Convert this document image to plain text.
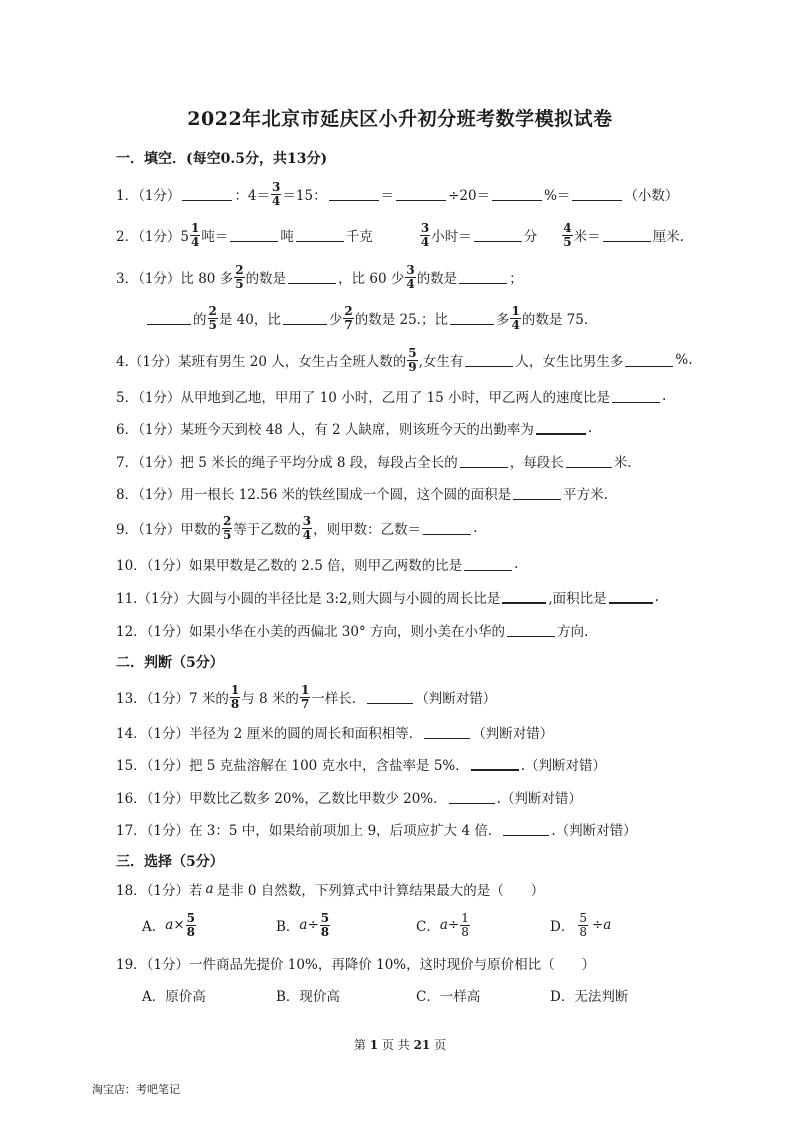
2022年北京市延庆区小升初分班考数学模拟试卷
一．填空．(每空0.5分，共13分)
1．（1分）	：$4= \frac{3}{4} =15$：	＝	÷20＝	%＝	（小数）
2．（1分）$5 \frac{1}{4}$ 吨＝	吨	千克	$\frac{3}{4}$ 小时＝	分 $\frac{4}{5}$ 米＝	厘米.
3．（1分）比 80 多 $\frac{2}{5}$ 的数是	，比 60 少 $\frac{3}{4}$ 的数是	；
的 $\frac{2}{5}$ 是 40，比	少 $\frac{2}{7}$ 的数是 25.；比	多 $\frac{1}{4}$ 的数是 75.
4.（1分）某班有男生 20 人，女生占全班人数的 $\frac{5}{9}$ ,女生有	人，女生比男生多	%.
5．（1分）从甲地到乙地，甲用了 10 小时，乙用了 15 小时，甲乙两人的速度比是	.
6．（1分）某班今天到校 48 人，有 2 人缺席，则该班今天的出勤率为	.
7．（1分）把 5 米长的绳子平均分成 8 段，每段占全长的	，每段长	米.
8．（1分）用一根长 12.56 米的铁丝围成一个圆，这个圆的面积是	平方米.
9．（1分）甲数的 $\frac{2}{5}$ 等于乙数的 $\frac{3}{4}$ ，则甲数：乙数＝	.
10．（1分）如果甲数是乙数的 2.5 倍，则甲乙两数的比是	.
11.（1分）大圆与小圆的半径比是 3:2,则大圆与小圆的周长比是	,面积比是	.
12．（1分）如果小华在小美的西偏北 30° 方向，则小美在小华的	方向.
二．判断（5分）
13．（1分）7 米的 $\frac{1}{8}$ 与 8 米的 $\frac{1}{7}$ 一样长．	（判断对错）
14．（1分）半径为 2 厘米的圆的周长和面积相等．	（判断对错）
15．（1分）把 5 克盐溶解在 100 克水中，含盐率是 5%．	.（判断对错）
16．（1分）甲数比乙数多 20%，乙数比甲数少 20%．	.（判断对错）
17．（1分）在 3：5 中，如果给前项加上 9，后项应扩大 4 倍．	.（判断对错）
三．选择（5分）
18．（1分）若 a 是非 0 自然数，下列算式中计算结果最大的是（　　）
A． $a \times \frac{5}{8}$	B． $a \div \frac{5}{8}$	C． $a \div \frac{1}{8}$	D． $\frac{5}{8} \div a$
19．（1分）一件商品先提价 10%，再降价 10%，这时现价与原价相比（　　）
A．原价高	B．现价高	C．一样高	D．无法判断
第 1 页 共 21 页
淘宝店：考吧笔记
